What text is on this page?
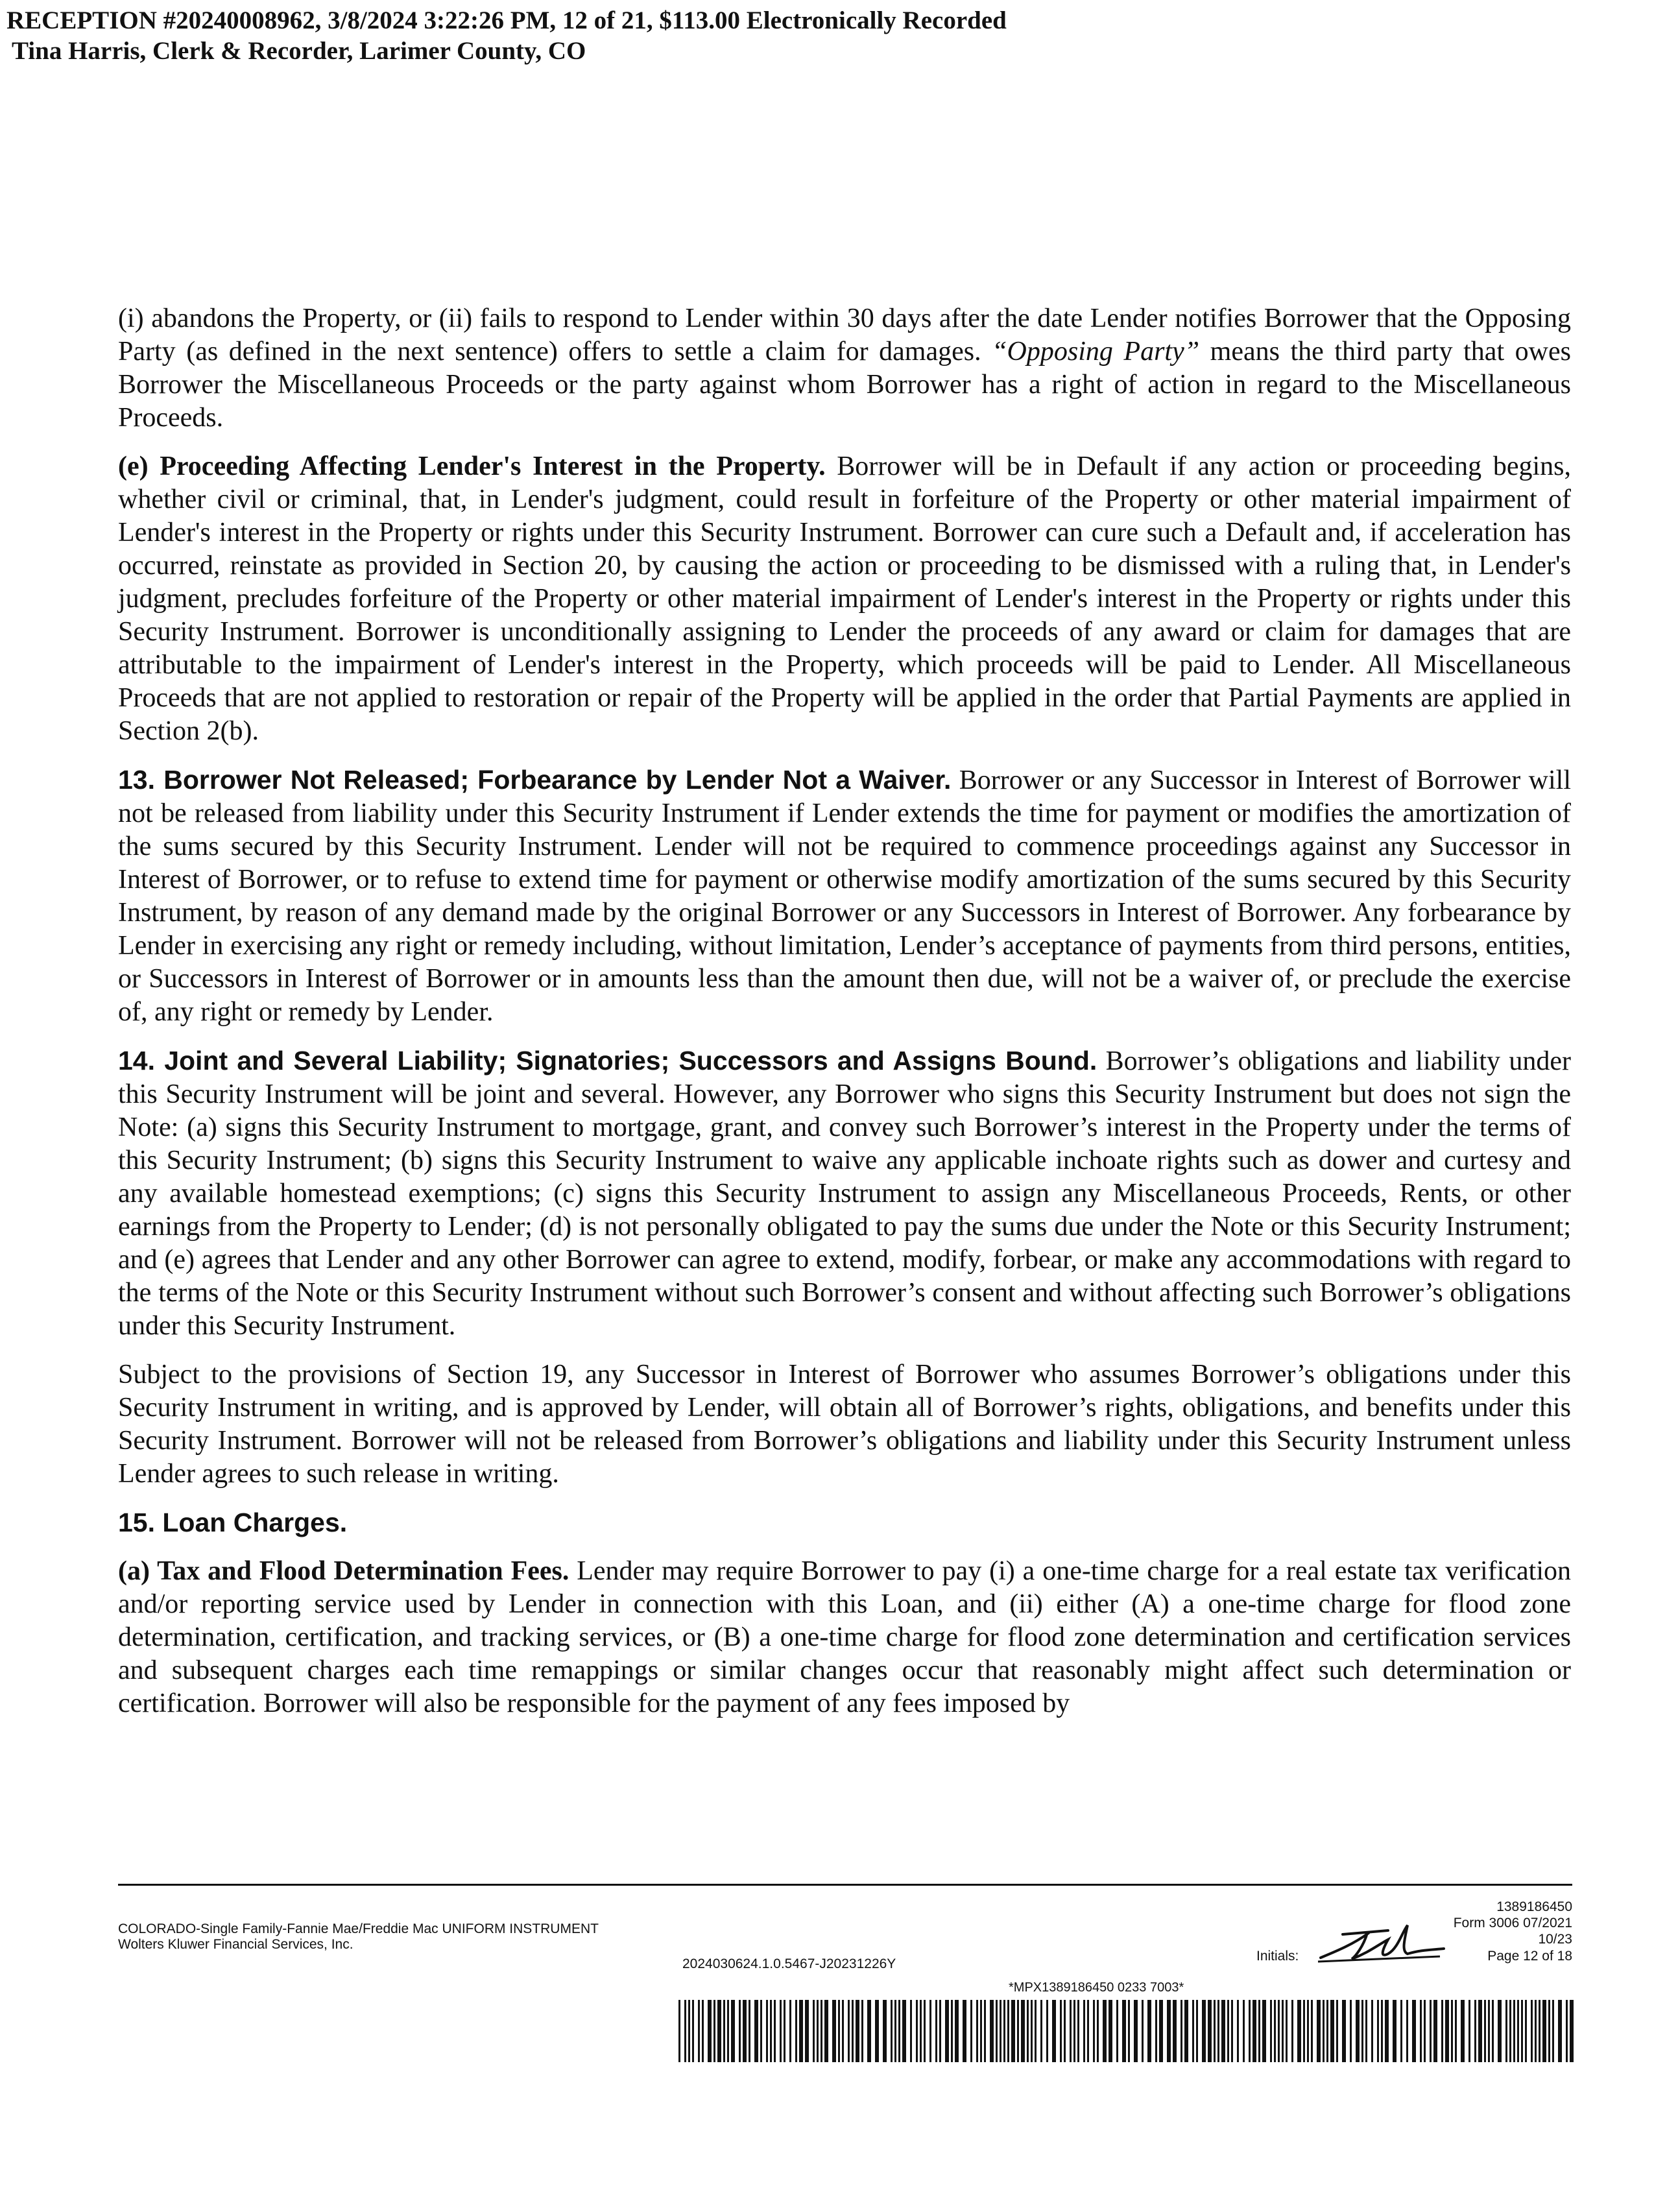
RECEPTION #20240008962, 3/8/2024 3:22:26 PM, 12 of 21, $113.00 Electronically Recorded
Tina Harris, Clerk & Recorder, Larimer County, CO

(i) abandons the Property, or (ii) fails to respond to Lender within 30 days after the date Lender notifies Borrower that the Opposing Party (as defined in the next sentence) offers to settle a claim for damages. “Opposing Party” means the third party that owes Borrower the Miscellaneous Proceeds or the party against whom Borrower has a right of action in regard to the Miscellaneous Proceeds.

(e) Proceeding Affecting Lender's Interest in the Property. Borrower will be in Default if any action or proceeding begins, whether civil or criminal, that, in Lender's judgment, could result in forfeiture of the Property or other material impairment of Lender's interest in the Property or rights under this Security Instrument. Borrower can cure such a Default and, if acceleration has occurred, reinstate as provided in Section 20, by causing the action or proceeding to be dismissed with a ruling that, in Lender's judgment, precludes forfeiture of the Property or other material impairment of Lender's interest in the Property or rights under this Security Instrument. Borrower is unconditionally assigning to Lender the proceeds of any award or claim for damages that are attributable to the impairment of Lender's interest in the Property, which proceeds will be paid to Lender. All Miscellaneous Proceeds that are not applied to restoration or repair of the Property will be applied in the order that Partial Payments are applied in Section 2(b).

13. Borrower Not Released; Forbearance by Lender Not a Waiver. Borrower or any Successor in Interest of Borrower will not be released from liability under this Security Instrument if Lender extends the time for payment or modifies the amortization of the sums secured by this Security Instrument. Lender will not be required to commence proceedings against any Successor in Interest of Borrower, or to refuse to extend time for payment or otherwise modify amortization of the sums secured by this Security Instrument, by reason of any demand made by the original Borrower or any Successors in Interest of Borrower. Any forbearance by Lender in exercising any right or remedy including, without limitation, Lender’s acceptance of payments from third persons, entities, or Successors in Interest of Borrower or in amounts less than the amount then due, will not be a waiver of, or preclude the exercise of, any right or remedy by Lender.

14. Joint and Several Liability; Signatories; Successors and Assigns Bound. Borrower’s obligations and liability under this Security Instrument will be joint and several. However, any Borrower who signs this Security Instrument but does not sign the Note: (a) signs this Security Instrument to mortgage, grant, and convey such Borrower’s interest in the Property under the terms of this Security Instrument; (b) signs this Security Instrument to waive any applicable inchoate rights such as dower and curtesy and any available homestead exemptions; (c) signs this Security Instrument to assign any Miscellaneous Proceeds, Rents, or other earnings from the Property to Lender; (d) is not personally obligated to pay the sums due under the Note or this Security Instrument; and (e) agrees that Lender and any other Borrower can agree to extend, modify, forbear, or make any accommodations with regard to the terms of the Note or this Security Instrument without such Borrower’s consent and without affecting such Borrower’s obligations under this Security Instrument.

Subject to the provisions of Section 19, any Successor in Interest of Borrower who assumes Borrower’s obligations under this Security Instrument in writing, and is approved by Lender, will obtain all of Borrower’s rights, obligations, and benefits under this Security Instrument. Borrower will not be released from Borrower’s obligations and liability under this Security Instrument unless Lender agrees to such release in writing.

15. Loan Charges.

(a) Tax and Flood Determination Fees. Lender may require Borrower to pay (i) a one-time charge for a real estate tax verification and/or reporting service used by Lender in connection with this Loan, and (ii) either (A) a one-time charge for flood zone determination, certification, and tracking services, or (B) a one-time charge for flood zone determination and certification services and subsequent charges each time remappings or similar changes occur that reasonably might affect such determination or certification. Borrower will also be responsible for the payment of any fees imposed by

COLORADO-Single Family-Fannie Mae/Freddie Mac UNIFORM INSTRUMENT
Wolters Kluwer Financial Services, Inc.
2024030624.1.0.5467-J20231226Y
1389186450
Form 3006 07/2021
10/23
Initials:	Page 12 of 18
*MPX1389186450 0233 7003*
